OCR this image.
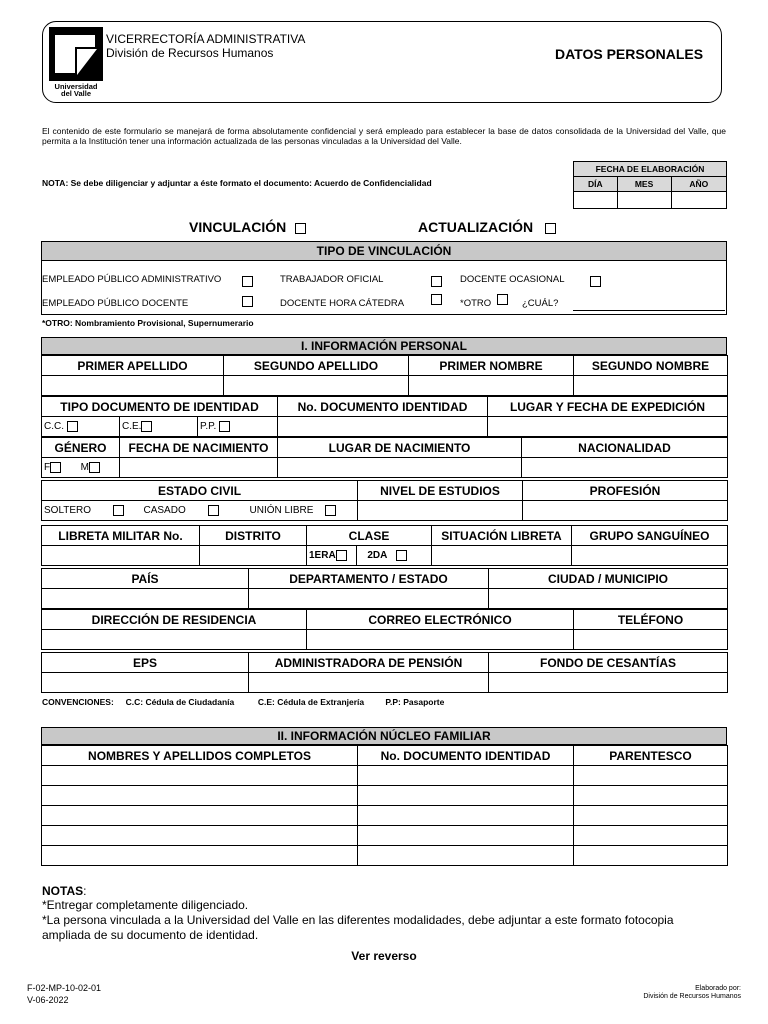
Universidad
del Valle
VICERRECTORÍA ADMINISTRATIVA
División de Recursos Humanos	DATOS PERSONALES
El contenido de este formulario se manejará de forma absolutamente confidencial y será empleado para establecer la base de datos consolidada de la Universidad del Valle, que permita a la Institución tener una información actualizada de las personas vinculadas a la Universidad del Valle.
NOTA: Se debe diligenciar y adjuntar a éste formato el documento: Acuerdo de Confidencialidad
FECHA DE ELABORACIÓN		
DÍA	MES	AÑO

VINCULACIÓN	ACTUALIZACIÓN
TIPO DE VINCULACIÓN
EMPLEADO PÚBLICO ADMINISTRATIVO	TRABAJADOR OFICIAL	DOCENTE OCASIONAL
EMPLEADO PÚBLICO DOCENTE	DOCENTE HORA CÁTEDRA	*OTRO	¿CUÁL?
*OTRO: Nombramiento Provisional, Supernumerario
I. INFORMACIÓN PERSONAL
PRIMER APELLIDO	SEGUNDO APELLIDO	PRIMER NOMBRE	SEGUNDO NOMBRE

TIPO DOCUMENTO DE IDENTIDAD			No. DOCUMENTO IDENTIDAD	LUGAR Y FECHA DE EXPEDICIÓN
C.C.	C.E.	P.P.		
GÉNERO	FECHA DE NACIMIENTO	LUGAR DE NACIMIENTO	NACIONALIDAD
F M			
ESTADO CIVIL			NIVEL DE ESTUDIOS	PROFESIÓN
SOLTERO	CASADO	UNIÓN LIBRE		
LIBRETA MILITAR No.	DISTRITO	CLASE		SITUACIÓN LIBRETA	GRUPO SANGUÍNEO
		1ERA	2DA		
PAÍS	DEPARTAMENTO / ESTADO	CIUDAD / MUNICIPIO

DIRECCIÓN DE RESIDENCIA	CORREO ELECTRÓNICO	TELÉFONO

EPS	ADMINISTRADORA DE PENSIÓN	FONDO DE CESANTÍAS

CONVENCIONES: C.C: Cédula de Ciudadanía	C.E: Cédula de Extranjería	P.P: Pasaporte
II. INFORMACIÓN NÚCLEO FAMILIAR
NOMBRES Y APELLIDOS COMPLETOS	No. DOCUMENTO IDENTIDAD	PARENTESCO

NOTAS:
*Entregar completamente diligenciado.
*La persona vinculada a la Universidad del Valle en las diferentes modalidades, debe adjuntar a este formato fotocopia
ampliada de su documento de identidad.
Ver reverso
F-02-MP-10-02-01
V-06-2022
Elaborado por:
División de Recursos Humanos
